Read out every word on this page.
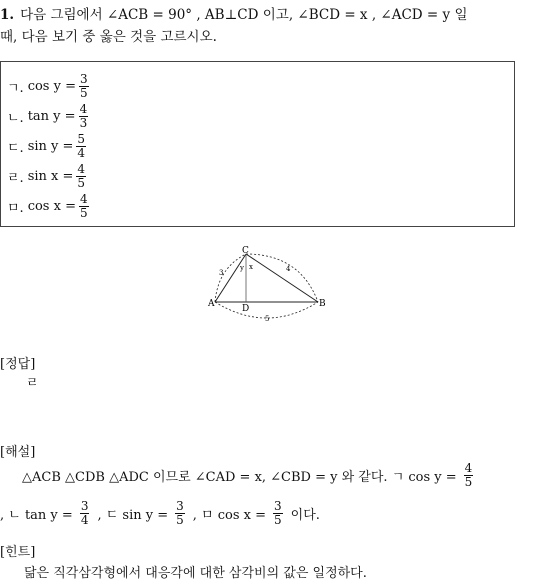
1. 다음 그림에서 ∠ACB = 90° , AB⊥CD 이고, ∠BCD = x , ∠ACD = y 일
때, 다음 보기 중 옳은 것을 고르시오.
ㄱ. $\cos y = \frac{3}{5}$
ㄴ. $\tan y = \frac{4}{3}$
ㄷ. $\sin y = \frac{5}{4}$
ㄹ. $\sin x = \frac{4}{5}$
ㅁ. $\cos x = \frac{4}{5}$
C
A	B
D
y x
3	4
5
[정답]
ㄹ
[해설]
△ACB △CDB △ADC 이므로 ∠CAD = x, ∠CBD = y 와 같다. ㄱ $\cos y = \frac{4}{5}$
, ㄴ $\tan y = \frac{3}{4}$ , ㄷ $\sin y = \frac{3}{5}$ , ㅁ $\cos x = \frac{3}{5}$ 이다.
[힌트]
닮은 직각삼각형에서 대응각에 대한 삼각비의 값은 일정하다.
